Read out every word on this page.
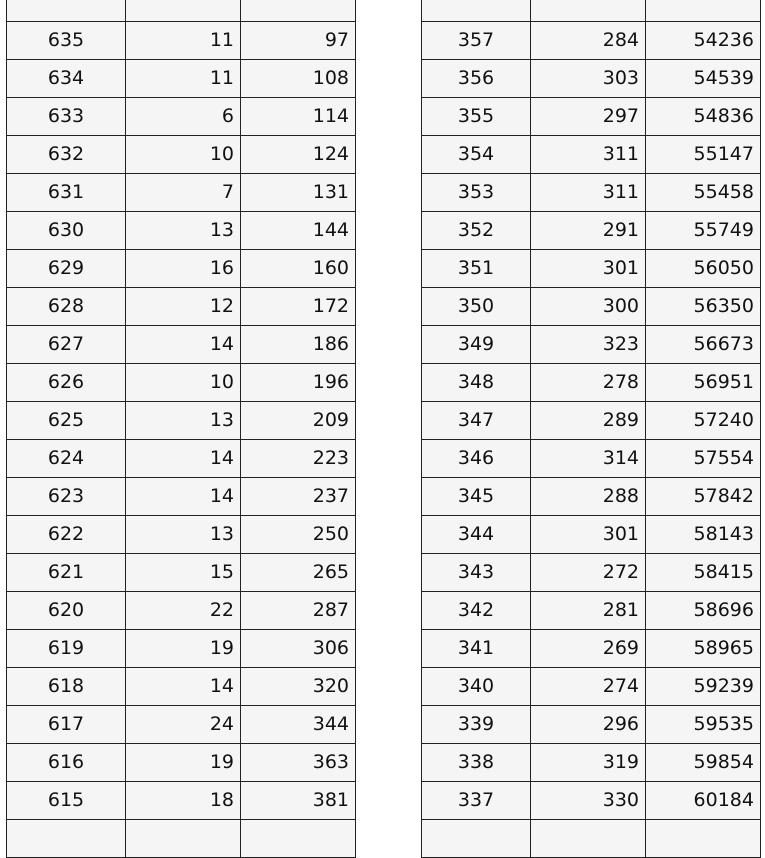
635	11	97
634	11	108
633	6	114
632	10	124
631	7	131
630	13	144
629	16	160
628	12	172
627	14	186
626	10	196
625	13	209
624	14	223
623	14	237
622	13	250
621	15	265
620	22	287
619	19	306
618	14	320
617	24	344
616	19	363
615	18	381

357	284	54236
356	303	54539
355	297	54836
354	311	55147
353	311	55458
352	291	55749
351	301	56050
350	300	56350
349	323	56673
348	278	56951
347	289	57240
346	314	57554
345	288	57842
344	301	58143
343	272	58415
342	281	58696
341	269	58965
340	274	59239
339	296	59535
338	319	59854
337	330	60184
